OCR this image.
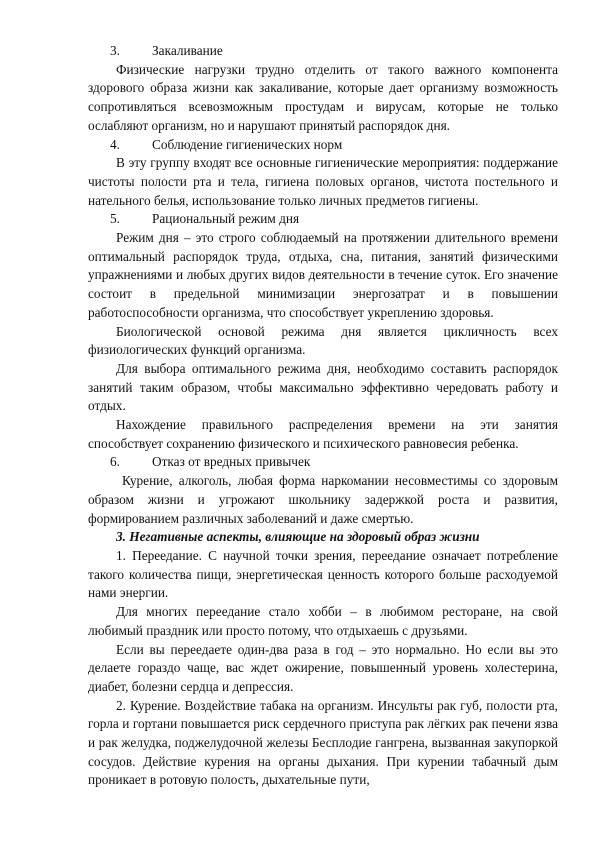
3.	Закаливание

Физические нагрузки трудно отделить от такого важного компонента здорового образа жизни как закаливание, которые дает организму возможность сопротивляться всевозможным простудам и вирусам, которые не только ослабляют организм, но и нарушают принятый распорядок дня.

4.	Соблюдение гигиенических норм

В эту группу входят все основные гигиенические мероприятия: поддержание чистоты полости рта и тела, гигиена половых органов, чистота постельного и нательного белья, использование только личных предметов гигиены.

5.	Рациональный режим дня

Режим дня – это строго соблюдаемый на протяжении длительного времени оптимальный распорядок труда, отдыха, сна, питания, занятий физическими упражнениями и любых других видов деятельности в течение суток. Его значение состоит в предельной минимизации энергозатрат и в повышении работоспособности организма, что способствует укреплению здоровья.

Биологической основой режима дня является цикличность всех физиологических функций организма.

Для выбора оптимального режима дня, необходимо составить распорядок занятий таким образом, чтобы максимально эффективно чередовать работу и отдых.

Нахождение правильного распределения времени на эти занятия способствует сохранению физического и психического равновесия ребенка.

6.	Отказ от вредных привычек

Курение, алкоголь, любая форма наркомании несовместимы со здоровым образом жизни и угрожают школьнику задержкой роста и развития, формированием различных заболеваний и даже смертью.

3. Негативные аспекты, влияющие на здоровый образ жизни

1. Переедание. С научной точки зрения, переедание означает потребление такого количества пищи, энергетическая ценность которого больше расходуемой нами энергии.

Для многих переедание стало хобби – в любимом ресторане, на свой любимый праздник или просто потому, что отдыхаешь с друзьями.

Если вы переедаете один-два раза в год – это нормально. Но если вы это делаете гораздо чаще, вас ждет ожирение, повышенный уровень холестерина, диабет, болезни сердца и депрессия.

2. Курение. Воздействие табака на организм. Инсульты рак губ, полости рта, горла и гортани повышается риск сердечного приступа рак лёгких рак печени язва и рак желудка, поджелудочной железы Бесплодие гангрена, вызванная закупоркой сосудов. Действие курения на органы дыхания. При курении табачный дым проникает в ротовую полость, дыхательные пути,
